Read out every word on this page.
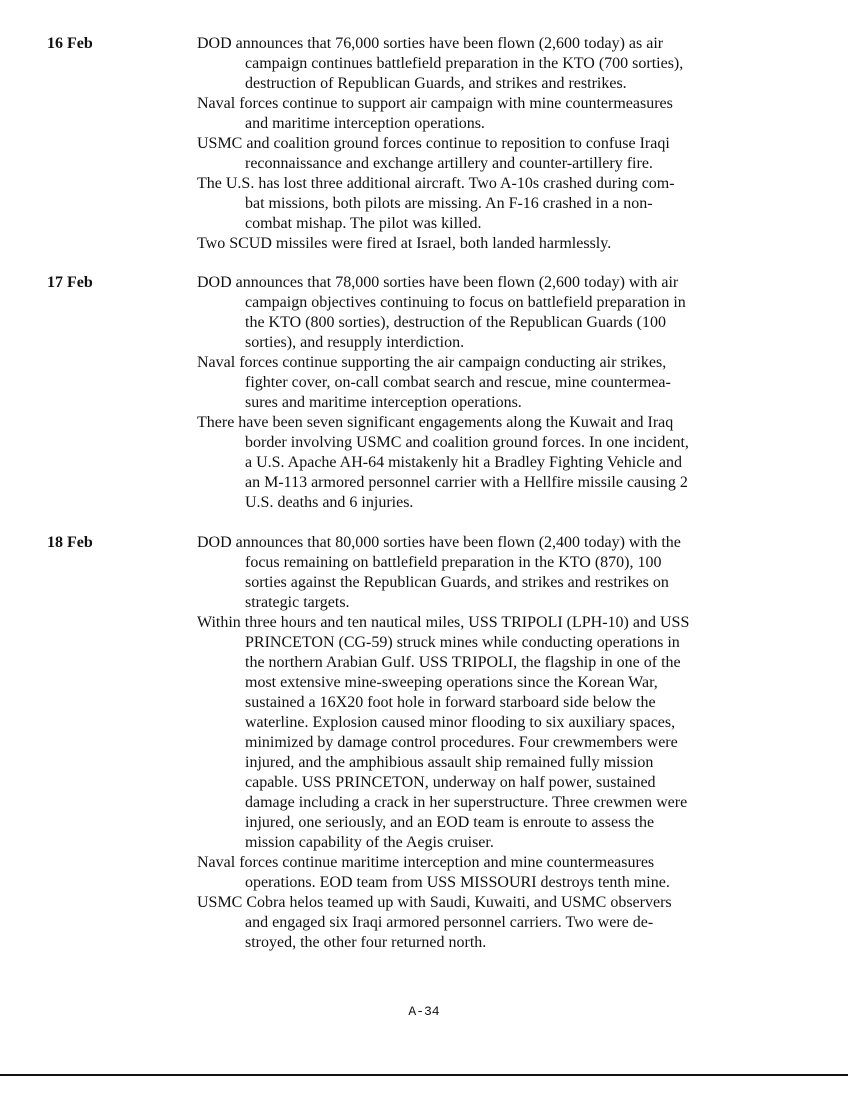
16 Feb	DOD announces that 76,000 sorties have been flown (2,600 today) as air
campaign continues battlefield preparation in the KTO (700 sorties),
destruction of Republican Guards, and strikes and restrikes.
Naval forces continue to support air campaign with mine countermeasures
and maritime interception operations.
USMC and coalition ground forces continue to reposition to confuse Iraqi
reconnaissance and exchange artillery and counter-artillery fire.
The U.S. has lost three additional aircraft. Two A-10s crashed during com-
bat missions, both pilots are missing. An F-16 crashed in a non-
combat mishap. The pilot was killed.
Two SCUD missiles were fired at Israel, both landed harmlessly.
17 Feb	DOD announces that 78,000 sorties have been flown (2,600 today) with air
campaign objectives continuing to focus on battlefield preparation in
the KTO (800 sorties), destruction of the Republican Guards (100
sorties), and resupply interdiction.
Naval forces continue supporting the air campaign conducting air strikes,
fighter cover, on-call combat search and rescue, mine countermea-
sures and maritime interception operations.
There have been seven significant engagements along the Kuwait and Iraq
border involving USMC and coalition ground forces. In one incident,
a U.S. Apache AH-64 mistakenly hit a Bradley Fighting Vehicle and
an M-113 armored personnel carrier with a Hellfire missile causing 2
U.S. deaths and 6 injuries.
18 Feb	DOD announces that 80,000 sorties have been flown (2,400 today) with the
focus remaining on battlefield preparation in the KTO (870), 100
sorties against the Republican Guards, and strikes and restrikes on
strategic targets.
Within three hours and ten nautical miles, USS TRIPOLI (LPH-10) and USS
PRINCETON (CG-59) struck mines while conducting operations in
the northern Arabian Gulf. USS TRIPOLI, the flagship in one of the
most extensive mine-sweeping operations since the Korean War,
sustained a 16X20 foot hole in forward starboard side below the
waterline. Explosion caused minor flooding to six auxiliary spaces,
minimized by damage control procedures. Four crewmembers were
injured, and the amphibious assault ship remained fully mission
capable. USS PRINCETON, underway on half power, sustained
damage including a crack in her superstructure. Three crewmen were
injured, one seriously, and an EOD team is enroute to assess the
mission capability of the Aegis cruiser.
Naval forces continue maritime interception and mine countermeasures
operations. EOD team from USS MISSOURI destroys tenth mine.
USMC Cobra helos teamed up with Saudi, Kuwaiti, and USMC observers
and engaged six Iraqi armored personnel carriers. Two were de-
stroyed, the other four returned north.
A-34
